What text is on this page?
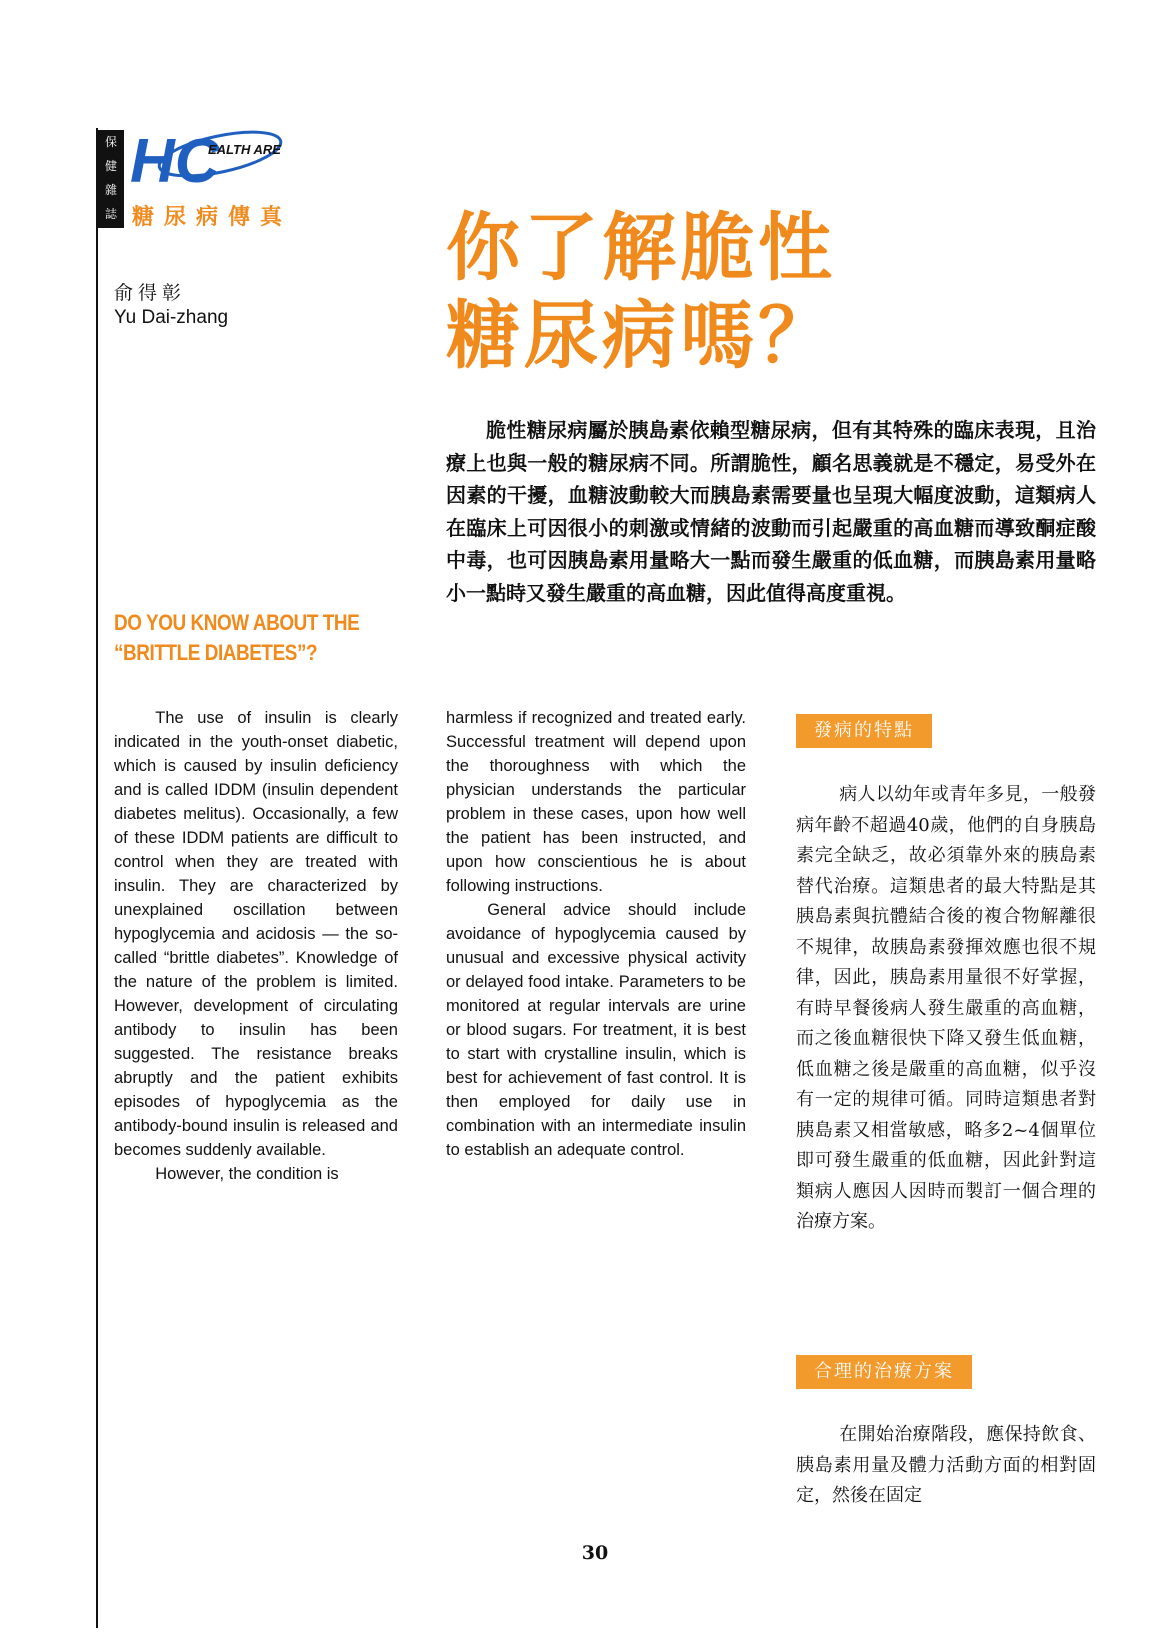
保
健
雜
誌
HC
EALTH ARE
糖尿病傳真
俞得彰
Yu Dai-zhang
你了解脆性
糖尿病嗎？

脆性糖尿病屬於胰島素依賴型糖尿病，但有其特殊的臨床表現，且治療上也與一般的糖尿病不同。所謂脆性，顧名思義就是不穩定，易受外在因素的干擾，血糖波動較大而胰島素需要量也呈現大幅度波動，這類病人在臨床上可因很小的刺激或情緒的波動而引起嚴重的高血糖而導致酮症酸中毒，也可因胰島素用量略大一點而發生嚴重的低血糖，而胰島素用量略小一點時又發生嚴重的高血糖，因此值得高度重視。

DO YOU KNOW ABOUT THE
“BRITTLE DIABETES”?

The use of insulin is clearly indicated in the youth-onset diabetic, which is caused by insulin deficiency and is called IDDM (insulin dependent diabetes melitus). Occasionally, a few of these IDDM patients are difficult to control when they are treated with insulin. They are characterized by unexplained oscillation between hypoglycemia and acidosis — the so-called “brittle diabetes”. Knowledge of the nature of the problem is limited. However, development of circulating antibody to insulin has been suggested. The resistance breaks abruptly and the patient exhibits episodes of hypoglycemia as the antibody-bound insulin is released and becomes suddenly available.

However, the condition is

harmless if recognized and treated early. Successful treatment will depend upon the thoroughness with which the physician understands the particular problem in these cases, upon how well the patient has been instructed, and upon how conscientious he is about following instructions.

General advice should include avoidance of hypoglycemia caused by unusual and excessive physical activity or delayed food intake. Parameters to be monitored at regular intervals are urine or blood sugars. For treatment, it is best to start with crystalline insulin, which is best for achievement of fast control. It is then employed for daily use in combination with an intermediate insulin to establish an adequate control.

發病的特點

病人以幼年或青年多見，一般發病年齡不超過40歲，他們的自身胰島素完全缺乏，故必須靠外來的胰島素替代治療。這類患者的最大特點是其胰島素與抗體結合後的複合物解離很不規律，故胰島素發揮效應也很不規律，因此，胰島素用量很不好掌握，有時早餐後病人發生嚴重的高血糖，而之後血糖很快下降又發生低血糖，低血糖之後是嚴重的高血糖，似乎沒有一定的規律可循。同時這類患者對胰島素又相當敏感，略多2~4個單位即可發生嚴重的低血糖，因此針對這類病人應因人因時而製訂一個合理的治療方案。

合理的治療方案

在開始治療階段，應保持飲食、胰島素用量及體力活動方面的相對固定，然後在固定

30
